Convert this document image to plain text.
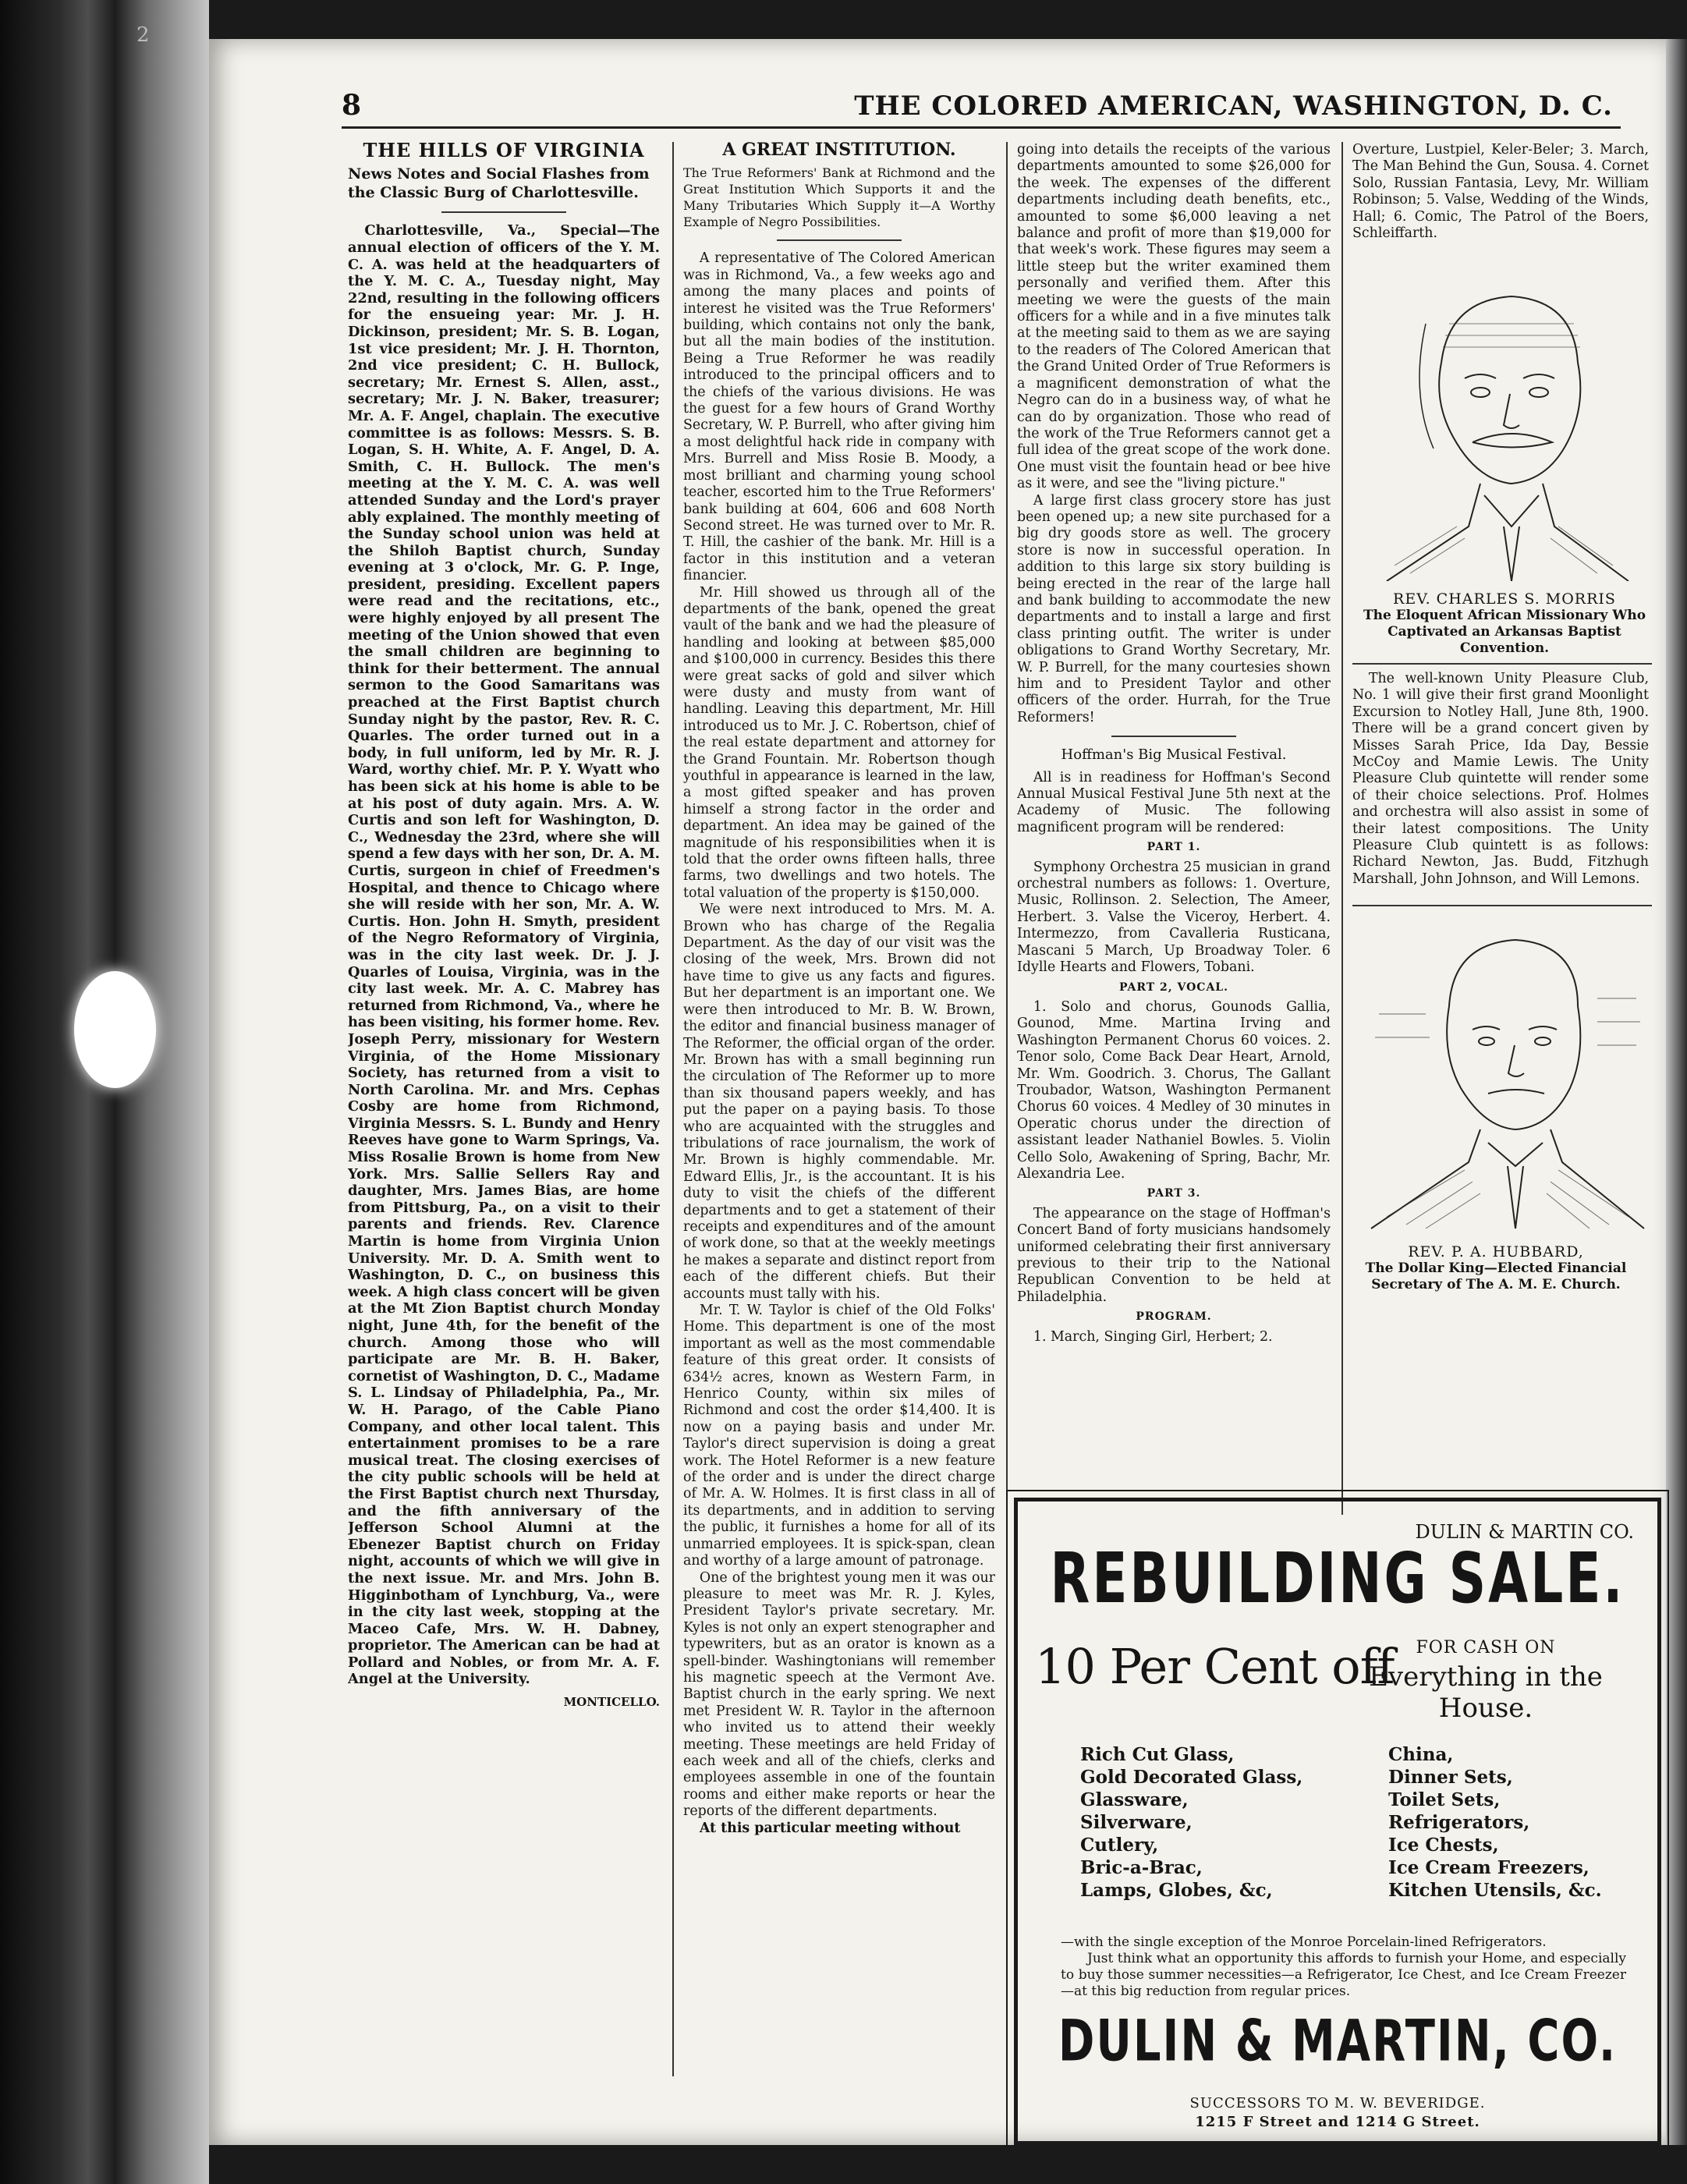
2
8	THE COLORED AMERICAN, WASHINGTON, D. C.
THE HILLS OF VIRGINIA
News Notes and Social Flashes from the Classic Burg of Charlottesville.

Charlottesville, Va., Special—The annual election of officers of the Y. M. C. A. was held at the headquarters of the Y. M. C. A., Tuesday night, May 22nd, resulting in the following officers for the ensueing year: Mr. J. H. Dickinson, president; Mr. S. B. Logan, 1st vice president; Mr. J. H. Thornton, 2nd vice president; C. H. Bullock, secretary; Mr. Ernest S. Allen, asst., secretary; Mr. J. N. Baker, treasurer; Mr. A. F. Angel, chaplain. The executive committee is as follows: Messrs. S. B. Logan, S. H. White, A. F. Angel, D. A. Smith, C. H. Bullock. The men's meeting at the Y. M. C. A. was well attended Sunday and the Lord's prayer ably explained. The monthly meeting of the Sunday school union was held at the Shiloh Baptist church, Sunday evening at 3 o'clock, Mr. G. P. Inge, president, presiding. Excellent papers were read and the recitations, etc., were highly enjoyed by all present The meeting of the Union showed that even the small children are beginning to think for their betterment. The annual sermon to the Good Samaritans was preached at the First Baptist church Sunday night by the pastor, Rev. R. C. Quarles. The order turned out in a body, in full uniform, led by Mr. R. J. Ward, worthy chief. Mr. P. Y. Wyatt who has been sick at his home is able to be at his post of duty again. Mrs. A. W. Curtis and son left for Washington, D. C., Wednesday the 23rd, where she will spend a few days with her son, Dr. A. M. Curtis, surgeon in chief of Freedmen's Hospital, and thence to Chicago where she will reside with her son, Mr. A. W. Curtis. Hon. John H. Smyth, president of the Negro Reformatory of Virginia, was in the city last week. Dr. J. J. Quarles of Louisa, Virginia, was in the city last week. Mr. A. C. Mabrey has returned from Richmond, Va., where he has been visiting, his former home. Rev. Joseph Perry, missionary for Western Virginia, of the Home Missionary Society, has returned from a visit to North Carolina. Mr. and Mrs. Cephas Cosby are home from Richmond, Virginia Messrs. S. L. Bundy and Henry Reeves have gone to Warm Springs, Va. Miss Rosalie Brown is home from New York. Mrs. Sallie Sellers Ray and daughter, Mrs. James Bias, are home from Pittsburg, Pa., on a visit to their parents and friends. Rev. Clarence Martin is home from Virginia Union University. Mr. D. A. Smith went to Washington, D. C., on business this week. A high class concert will be given at the Mt Zion Baptist church Monday night, June 4th, for the benefit of the church. Among those who will participate are Mr. B. H. Baker, cornetist of Washington, D. C., Madame S. L. Lindsay of Philadelphia, Pa., Mr. W. H. Parago, of the Cable Piano Company, and other local talent. This entertainment promises to be a rare musical treat. The closing exercises of the city public schools will be held at the First Baptist church next Thursday, and the fifth anniversary of the Jefferson School Alumni at the Ebenezer Baptist church on Friday night, accounts of which we will give in the next issue. Mr. and Mrs. John B. Higginbotham of Lynchburg, Va., were in the city last week, stopping at the Maceo Cafe, Mrs. W. H. Dabney, proprietor. The American can be had at Pollard and Nobles, or from Mr. A. F. Angel at the University.

MONTICELLO.
A GREAT INSTITUTION.

The True Reformers' Bank at Richmond and the Great Institution Which Supports it and the Many Tributaries Which Supply it—A Worthy Example of Negro Possibilities.

A representative of The Colored American was in Richmond, Va., a few weeks ago and among the many places and points of interest he visited was the True Reformers' building, which contains not only the bank, but all the main bodies of the institution. Being a True Reformer he was readily introduced to the principal officers and to the chiefs of the various divisions. He was the guest for a few hours of Grand Worthy Secretary, W. P. Burrell, who after giving him a most delightful hack ride in company with Mrs. Burrell and Miss Rosie B. Moody, a most brilliant and charming young school teacher, escorted him to the True Reformers' bank building at 604, 606 and 608 North Second street. He was turned over to Mr. R. T. Hill, the cashier of the bank. Mr. Hill is a factor in this institution and a veteran financier.

Mr. Hill showed us through all of the departments of the bank, opened the great vault of the bank and we had the pleasure of handling and looking at between $85,000 and $100,000 in currency. Besides this there were great sacks of gold and silver which were dusty and musty from want of handling. Leaving this department, Mr. Hill introduced us to Mr. J. C. Robertson, chief of the real estate department and attorney for the Grand Fountain. Mr. Robertson though youthful in appearance is learned in the law, a most gifted speaker and has proven himself a strong factor in the order and department. An idea may be gained of the magnitude of his responsibilities when it is told that the order owns fifteen halls, three farms, two dwellings and two hotels. The total valuation of the property is $150,000.

We were next introduced to Mrs. M. A. Brown who has charge of the Regalia Department. As the day of our visit was the closing of the week, Mrs. Brown did not have time to give us any facts and figures. But her department is an important one. We were then introduced to Mr. B. W. Brown, the editor and financial business manager of The Reformer, the official organ of the order. Mr. Brown has with a small beginning run the circulation of The Reformer up to more than six thousand papers weekly, and has put the paper on a paying basis. To those who are acquainted with the struggles and tribulations of race journalism, the work of Mr. Brown is highly commendable. Mr. Edward Ellis, Jr., is the accountant. It is his duty to visit the chiefs of the different departments and to get a statement of their receipts and expenditures and of the amount of work done, so that at the weekly meetings he makes a separate and distinct report from each of the different chiefs. But their accounts must tally with his.

Mr. T. W. Taylor is chief of the Old Folks' Home. This department is one of the most important as well as the most commendable feature of this great order. It consists of 634½ acres, known as Western Farm, in Henrico County, within six miles of Richmond and cost the order $14,400. It is now on a paying basis and under Mr. Taylor's direct supervision is doing a great work. The Hotel Reformer is a new feature of the order and is under the direct charge of Mr. A. W. Holmes. It is first class in all of its departments, and in addition to serving the public, it furnishes a home for all of its unmarried employees. It is spick-span, clean and worthy of a large amount of patronage.

One of the brightest young men it was our pleasure to meet was Mr. R. J. Kyles, President Taylor's private secretary. Mr. Kyles is not only an expert stenographer and typewriters, but as an orator is known as a spell-binder. Washingtonians will remember his magnetic speech at the Vermont Ave. Baptist church in the early spring. We next met President W. R. Taylor in the afternoon who invited us to attend their weekly meeting. These meetings are held Friday of each week and all of the chiefs, clerks and employees assemble in one of the fountain rooms and either make reports or hear the reports of the different departments.

At this particular meeting without

going into details the receipts of the various departments amounted to some $26,000 for the week. The expenses of the different departments including death benefits, etc., amounted to some $6,000 leaving a net balance and profit of more than $19,000 for that week's work. These figures may seem a little steep but the writer examined them personally and verified them. After this meeting we were the guests of the main officers for a while and in a five minutes talk at the meeting said to them as we are saying to the readers of The Colored American that the Grand United Order of True Reformers is a magnificent demonstration of what the Negro can do in a business way, of what he can do by organization. Those who read of the work of the True Reformers cannot get a full idea of the great scope of the work done. One must visit the fountain head or bee hive as it were, and see the "living picture."

A large first class grocery store has just been opened up; a new site purchased for a big dry goods store as well. The grocery store is now in successful operation. In addition to this large six story building is being erected in the rear of the large hall and bank building to accommodate the new departments and to install a large and first class printing outfit. The writer is under obligations to Grand Worthy Secretary, Mr. W. P. Burrell, for the many courtesies shown him and to President Taylor and other officers of the order. Hurrah, for the True Reformers!

Hoffman's Big Musical Festival.

All is in readiness for Hoffman's Second Annual Musical Festival June 5th next at the Academy of Music. The following magnificent program will be rendered:

PART 1.

Symphony Orchestra 25 musician in grand orchestral numbers as follows: 1. Overture, Music, Rollinson. 2. Selection, The Ameer, Herbert. 3. Valse the Viceroy, Herbert. 4. Intermezzo, from Cavalleria Rusticana, Mascani 5 March, Up Broadway Toler. 6 Idylle Hearts and Flowers, Tobani.

PART 2, VOCAL.

1. Solo and chorus, Gounods Gallia, Gounod, Mme. Martina Irving and Washington Permanent Chorus 60 voices. 2. Tenor solo, Come Back Dear Heart, Arnold, Mr. Wm. Goodrich. 3. Chorus, The Gallant Troubador, Watson, Washington Permanent Chorus 60 voices. 4 Medley of 30 minutes in Operatic chorus under the direction of assistant leader Nathaniel Bowles. 5. Violin Cello Solo, Awakening of Spring, Bachr, Mr. Alexandria Lee.

PART 3.

The appearance on the stage of Hoffman's Concert Band of forty musicians handsomely uniformed celebrating their first anniversary previous to their trip to the National Republican Convention to be held at Philadelphia.

PROGRAM.

1. March, Singing Girl, Herbert; 2.

Overture, Lustpiel, Keler-Beler; 3. March, The Man Behind the Gun, Sousa. 4. Cornet Solo, Russian Fantasia, Levy, Mr. William Robinson; 5. Valse, Wedding of the Winds, Hall; 6. Comic, The Patrol of the Boers, Schleiffarth.

REV. CHARLES S. MORRIS
The Eloquent African Missionary Who Captivated an Arkansas Baptist Convention.

The well-known Unity Pleasure Club, No. 1 will give their first grand Moonlight Excursion to Notley Hall, June 8th, 1900. There will be a grand concert given by Misses Sarah Price, Ida Day, Bessie McCoy and Mamie Lewis. The Unity Pleasure Club quintette will render some of their choice selections. Prof. Holmes and orchestra will also assist in some of their latest compositions. The Unity Pleasure Club quintett is as follows: Richard Newton, Jas. Budd, Fitzhugh Marshall, John Johnson, and Will Lemons.

REV. P. A. HUBBARD,
The Dollar King—Elected Financial Secretary of The A. M. E. Church.
DULIN & MARTIN CO.
REBUILDING SALE.
10 Per Cent off	FOR CASH ON
Everything in the House.
Rich Cut Glass,
Gold Decorated Glass,
Glassware,
Silverware,
Cutlery,
Bric-a-Brac,
Lamps, Globes, &c,
China,
Dinner Sets,
Toilet Sets,
Refrigerators,
Ice Chests,
Ice Cream Freezers,
Kitchen Utensils, &c.
—with the single exception of the Monroe Porcelain-lined Refrigerators.
Just think what an opportunity this affords to furnish your Home, and especially to buy those summer necessities—a Refrigerator, Ice Chest, and Ice Cream Freezer—at this big reduction from regular prices.
DULIN & MARTIN, CO.
SUCCESSORS TO M. W. BEVERIDGE.
1215 F Street and 1214 G Street.
